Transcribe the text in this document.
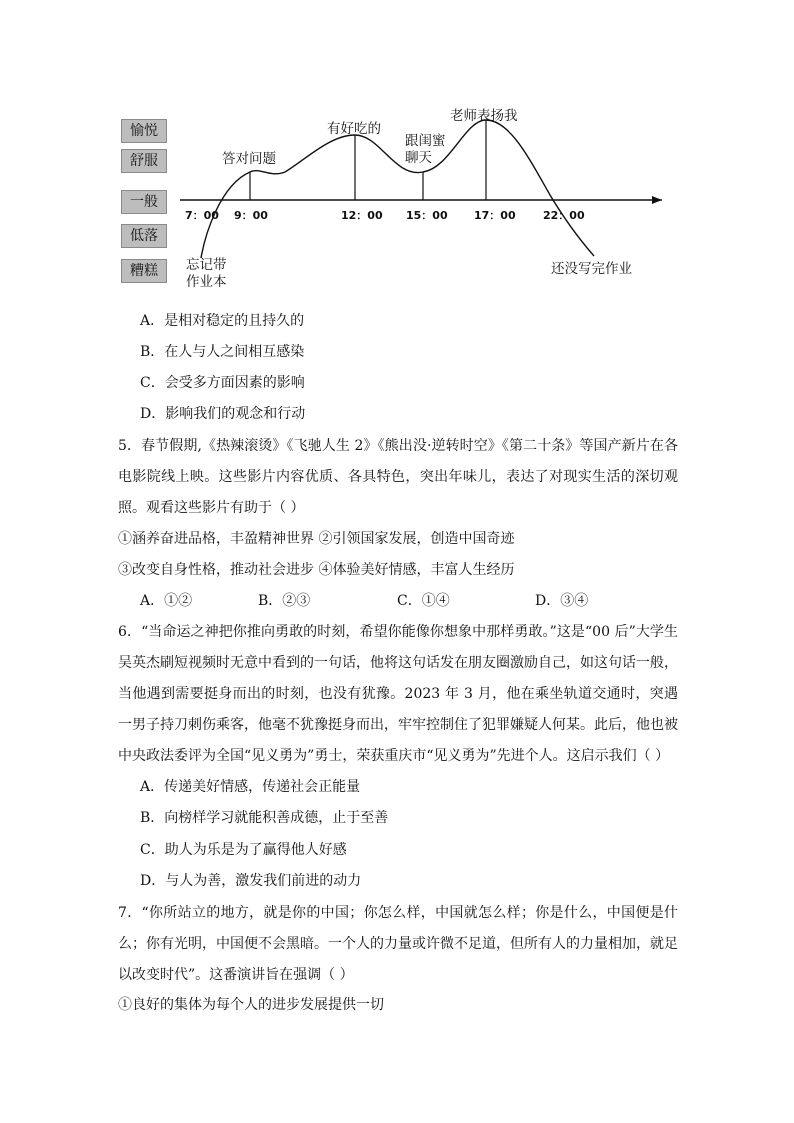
愉悦
舒服
一般
低落
糟糕
7：00 9：00	12：00 15：00 17：00 22：00
忘记带
作业本
答对问题
有好吃的
跟闺蜜
聊天
老师表扬我
还没写完作业
A．是相对稳定的且持久的
B．在人与人之间相互感染
C．会受多方面因素的影响
D．影响我们的观念和行动
5．春节假期,《热辣滚烫》《飞驰人生 2》《熊出没·逆转时空》《第二十条》等国产新片在各电影院线上映。这些影片内容优质、各具特色，突出年味儿，表达了对现实生活的深切观照。观看这些影片有助于（ ）
①涵养奋进品格，丰盈精神世界 ②引领国家发展，创造中国奇迹
③改变自身性格，推动社会进步 ④体验美好情感，丰富人生经历
A．①②	B．②③	C．①④	D．③④
6．“当命运之神把你推向勇敢的时刻，希望你能像你想象中那样勇敢。”这是“00 后”大学生吴英杰刷短视频时无意中看到的一句话，他将这句话发在朋友圈激励自己，如这句话一般，当他遇到需要挺身而出的时刻，也没有犹豫。2023 年 3 月，他在乘坐轨道交通时，突遇一男子持刀刺伤乘客，他毫不犹豫挺身而出，牢牢控制住了犯罪嫌疑人何某。此后，他也被中央政法委评为全国“见义勇为”勇士，荣获重庆市“见义勇为”先进个人。这启示我们（ ）
A．传递美好情感，传递社会正能量
B．向榜样学习就能积善成德，止于至善
C．助人为乐是为了赢得他人好感
D．与人为善，激发我们前进的动力
7．“你所站立的地方，就是你的中国；你怎么样，中国就怎么样；你是什么，中国便是什么；你有光明，中国便不会黑暗。一个人的力量或许微不足道，但所有人的力量相加，就足以改变时代”。这番演讲旨在强调（ ）
①良好的集体为每个人的进步发展提供一切
